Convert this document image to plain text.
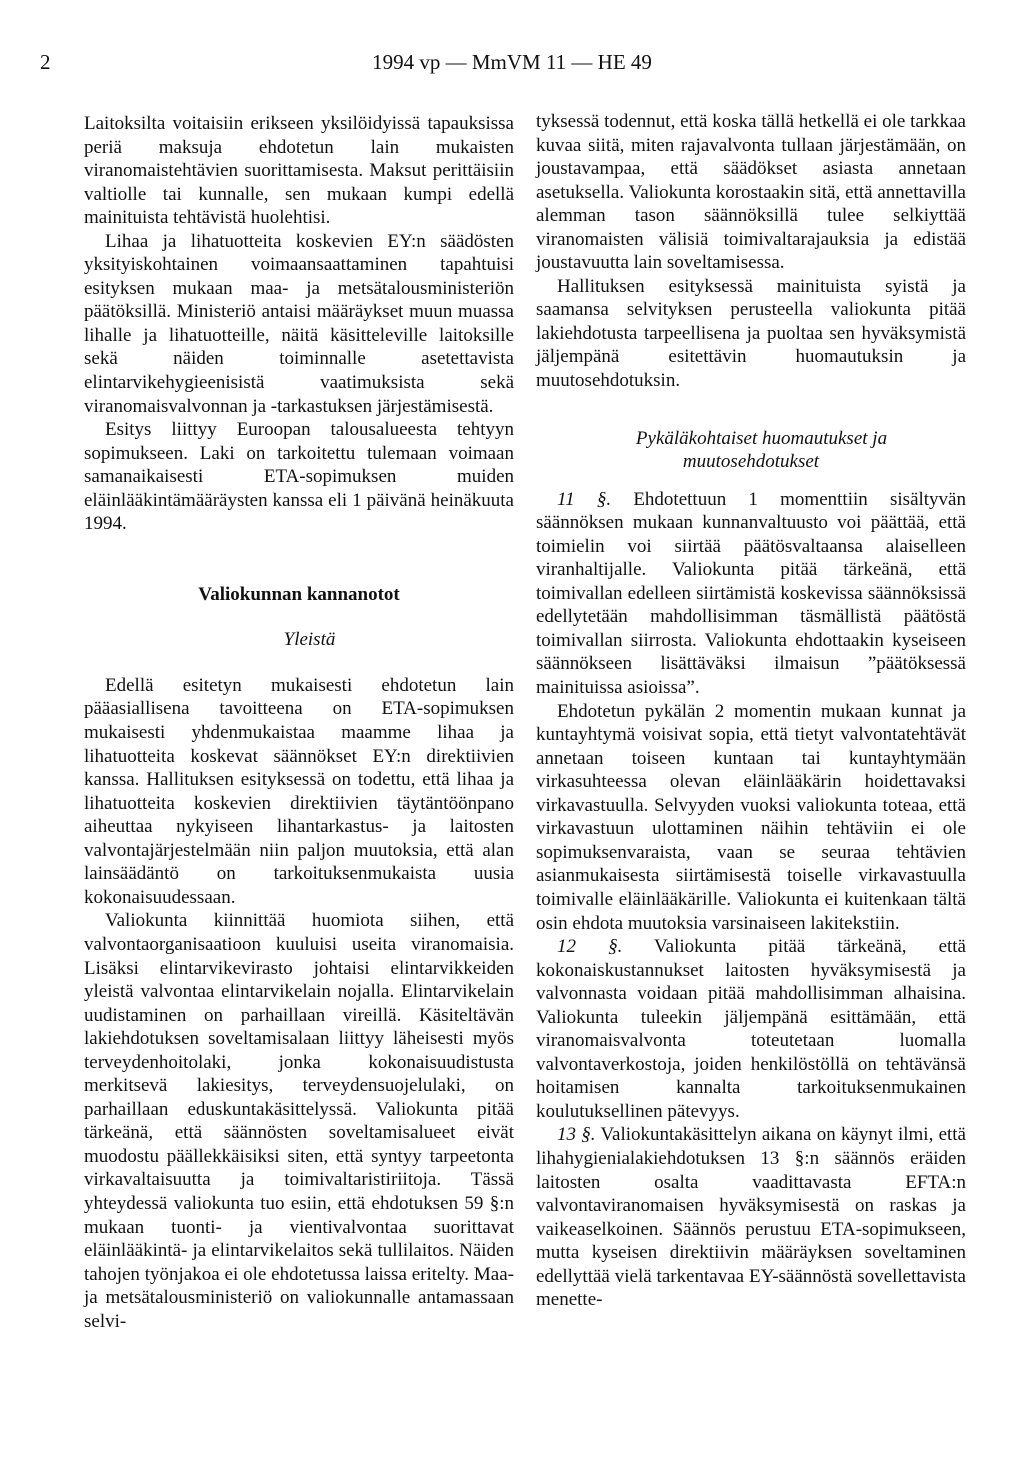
2	1994 vp — MmVM 11 — HE 49

Laitoksilta voitaisiin erikseen yksilöidyissä tapauksissa periä maksuja ehdotetun lain mukaisten viranomaistehtävien suorittamisesta. Maksut perittäisiin valtiolle tai kunnalle, sen mukaan kumpi edellä mainituista tehtävistä huolehtisi.

Lihaa ja lihatuotteita koskevien EY:n säädösten yksityiskohtainen voimaansaattaminen tapahtuisi esityksen mukaan maa- ja metsätalousministeriön päätöksillä. Ministeriö antaisi määräykset muun muassa lihalle ja lihatuotteille, näitä käsitteleville laitoksille sekä näiden toiminnalle asetettavista elintarvikehygieenisistä vaatimuksista sekä viranomaisvalvonnan ja -tarkastuksen järjestämisestä.

Esitys liittyy Euroopan talousalueesta tehtyyn sopimukseen. Laki on tarkoitettu tulemaan voimaan samanaikaisesti ETA-sopimuksen muiden eläinlääkintämääräysten kanssa eli 1 päivänä heinäkuuta 1994.

Valiokunnan kannanotot

Yleistä

Edellä esitetyn mukaisesti ehdotetun lain pääasiallisena tavoitteena on ETA-sopimuksen mukaisesti yhdenmukaistaa maamme lihaa ja lihatuotteita koskevat säännökset EY:n direktiivien kanssa. Hallituksen esityksessä on todettu, että lihaa ja lihatuotteita koskevien direktiivien täytäntöönpano aiheuttaa nykyiseen lihantarkastus- ja laitosten valvontajärjestelmään niin paljon muutoksia, että alan lainsäädäntö on tarkoituksenmukaista uusia kokonaisuudessaan.

Valiokunta kiinnittää huomiota siihen, että valvontaorganisaatioon kuuluisi useita viranomaisia. Lisäksi elintarvikevirasto johtaisi elintarvikkeiden yleistä valvontaa elintarvikelain nojalla. Elintarvikelain uudistaminen on parhaillaan vireillä. Käsiteltävän lakiehdotuksen soveltamisalaan liittyy läheisesti myös terveydenhoitolaki, jonka kokonaisuudistusta merkitsevä lakiesitys, terveydensuojelulaki, on parhaillaan eduskuntakäsittelyssä. Valiokunta pitää tärkeänä, että säännösten soveltamisalueet eivät muodostu päällekkäisiksi siten, että syntyy tarpeetonta virkavaltaisuutta ja toimivaltaristiriitoja. Tässä yhteydessä valiokunta tuo esiin, että ehdotuksen 59 §:n mukaan tuonti- ja vientivalvontaa suorittavat eläinlääkintä- ja elintarvikelaitos sekä tullilaitos. Näiden tahojen työnjakoa ei ole ehdotetussa laissa eritelty. Maa- ja metsätalousministeriö on valiokunnalle antamassaan selvi-

tyksessä todennut, että koska tällä hetkellä ei ole tarkkaa kuvaa siitä, miten rajavalvonta tullaan järjestämään, on joustavampaa, että säädökset asiasta annetaan asetuksella. Valiokunta korostaakin sitä, että annettavilla alemman tason säännöksillä tulee selkiyttää viranomaisten välisiä toimivaltarajauksia ja edistää joustavuutta lain soveltamisessa.

Hallituksen esityksessä mainituista syistä ja saamansa selvityksen perusteella valiokunta pitää lakiehdotusta tarpeellisena ja puoltaa sen hyväksymistä jäljempänä esitettävin huomautuksin ja muutosehdotuksin.

Pykäläkohtaiset huomautukset ja muutosehdotukset

11 §. Ehdotettuun 1 momenttiin sisältyvän säännöksen mukaan kunnanvaltuusto voi päättää, että toimielin voi siirtää päätösvaltaansa alaiselleen viranhaltijalle. Valiokunta pitää tärkeänä, että toimivallan edelleen siirtämistä koskevissa säännöksissä edellytetään mahdollisimman täsmällistä päätöstä toimivallan siirrosta. Valiokunta ehdottaakin kyseiseen säännökseen lisättäväksi ilmaisun ”päätöksessä mainituissa asioissa”.

Ehdotetun pykälän 2 momentin mukaan kunnat ja kuntayhtymä voisivat sopia, että tietyt valvontatehtävät annetaan toiseen kuntaan tai kuntayhtymään virkasuhteessa olevan eläinlääkärin hoidettavaksi virkavastuulla. Selvyyden vuoksi valiokunta toteaa, että virkavastuun ulottaminen näihin tehtäviin ei ole sopimuksenvaraista, vaan se seuraa tehtävien asianmukaisesta siirtämisestä toiselle virkavastuulla toimivalle eläinlääkärille. Valiokunta ei kuitenkaan tältä osin ehdota muutoksia varsinaiseen lakitekstiin.

12 §. Valiokunta pitää tärkeänä, että kokonaiskustannukset laitosten hyväksymisestä ja valvonnasta voidaan pitää mahdollisimman alhaisina. Valiokunta tuleekin jäljempänä esittämään, että viranomaisvalvonta toteutetaan luomalla valvontaverkostoja, joiden henkilöstöllä on tehtävänsä hoitamisen kannalta tarkoituksenmukainen koulutuksellinen pätevyys.

13 §. Valiokuntakäsittelyn aikana on käynyt ilmi, että lihahygienialakiehdotuksen 13 §:n säännös eräiden laitosten osalta vaadittavasta EFTA:n valvontaviranomaisen hyväksymisestä on raskas ja vaikeaselkoinen. Säännös perustuu ETA-sopimukseen, mutta kyseisen direktiivin määräyksen soveltaminen edellyttää vielä tarkentavaa EY-säännöstä sovellettavista menette-
